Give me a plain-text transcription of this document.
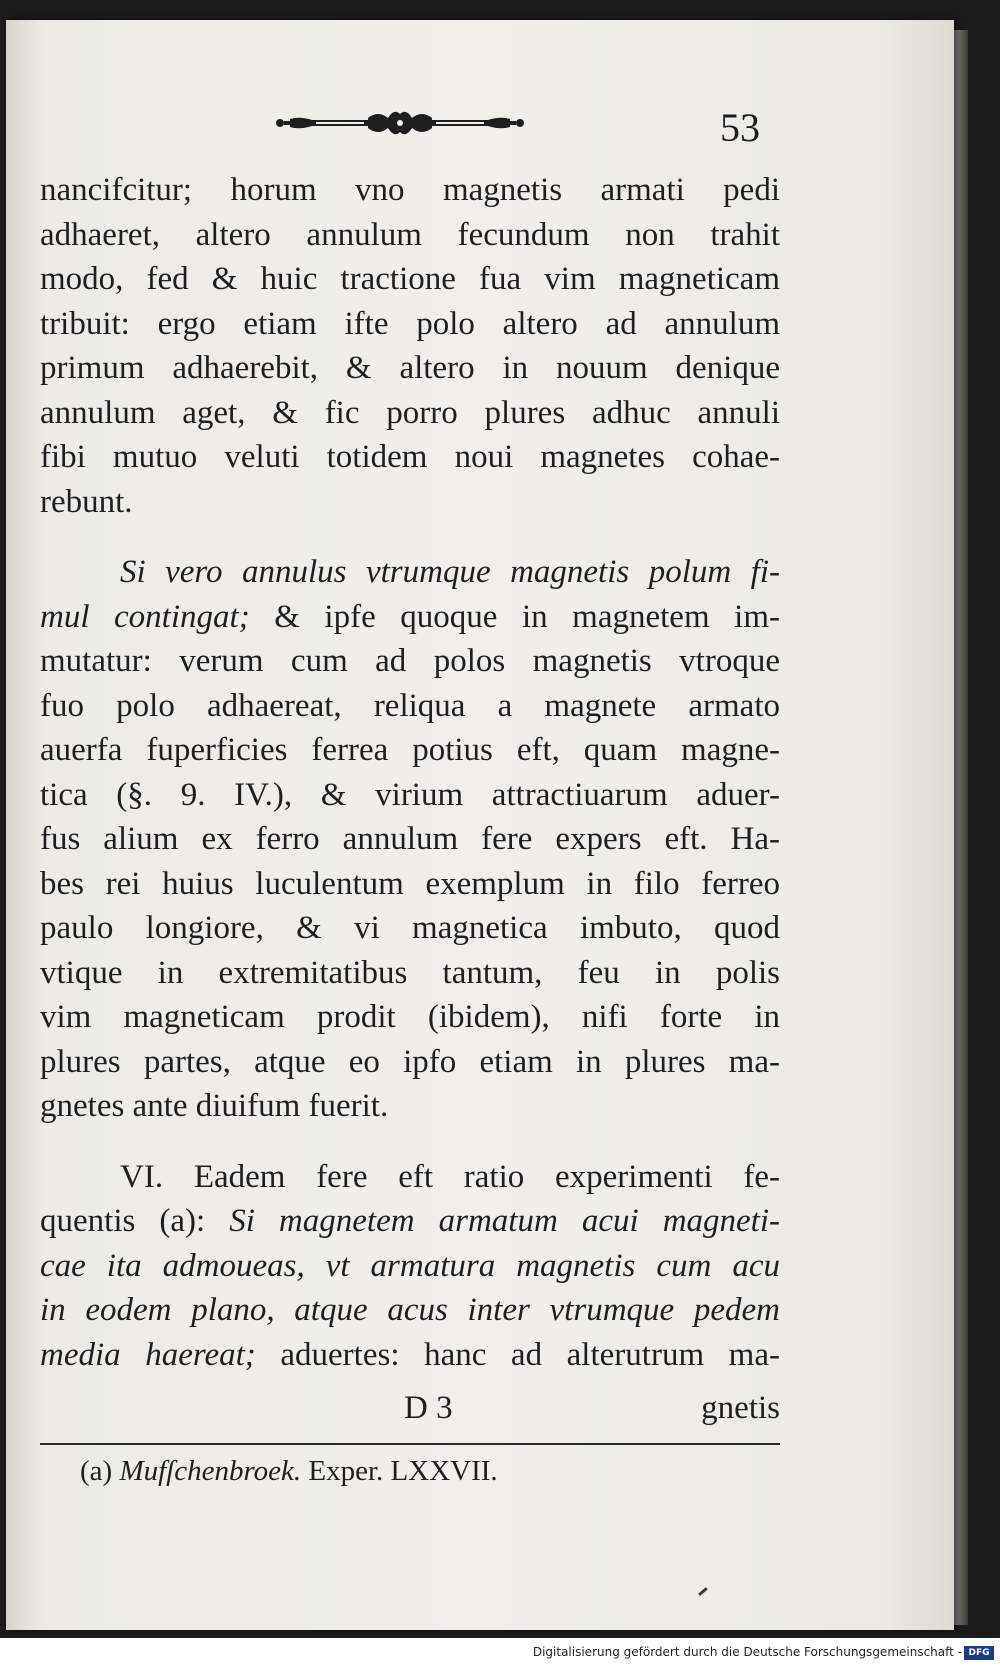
53

nancifcitur; horum vno magnetis armati pedi
adhaeret, altero annulum fecundum non trahit
modo, fed & huic tractione fua vim magneticam
tribuit: ergo etiam ifte polo altero ad annulum
primum adhaerebit, & altero in nouum denique
annulum aget, & fic porro plures adhuc annuli
fibi mutuo veluti totidem noui magnetes cohae-
rebunt.

Si vero annulus vtrumque magnetis polum fi-
mul contingat; & ipfe quoque in magnetem im-
mutatur: verum cum ad polos magnetis vtroque
fuo polo adhaereat, reliqua a magnete armato
auerfa fuperficies ferrea potius eft, quam magne-
tica (§. 9. IV.), & virium attractiuarum aduer-
fus alium ex ferro annulum fere expers eft. Ha-
bes rei huius luculentum exemplum in filo ferreo
paulo longiore, & vi magnetica imbuto, quod
vtique in extremitatibus tantum, feu in polis
vim magneticam prodit (ibidem), nifi forte in
plures partes, atque eo ipfo etiam in plures ma-
gnetes ante diuifum fuerit.

VI. Eadem fere eft ratio experimenti fe-
quentis (a): Si magnetem armatum acui magneti-
cae ita admoueas, vt armatura magnetis cum acu
in eodem plano, atque acus inter vtrumque pedem
media haereat; aduertes: hanc ad alterutrum ma-

D 3	gnetis
(a) Mufſchenbroek. Exper. LXXVII.
Digitalisierung gefördert durch die Deutsche Forschungsgemeinschaft - DFG
